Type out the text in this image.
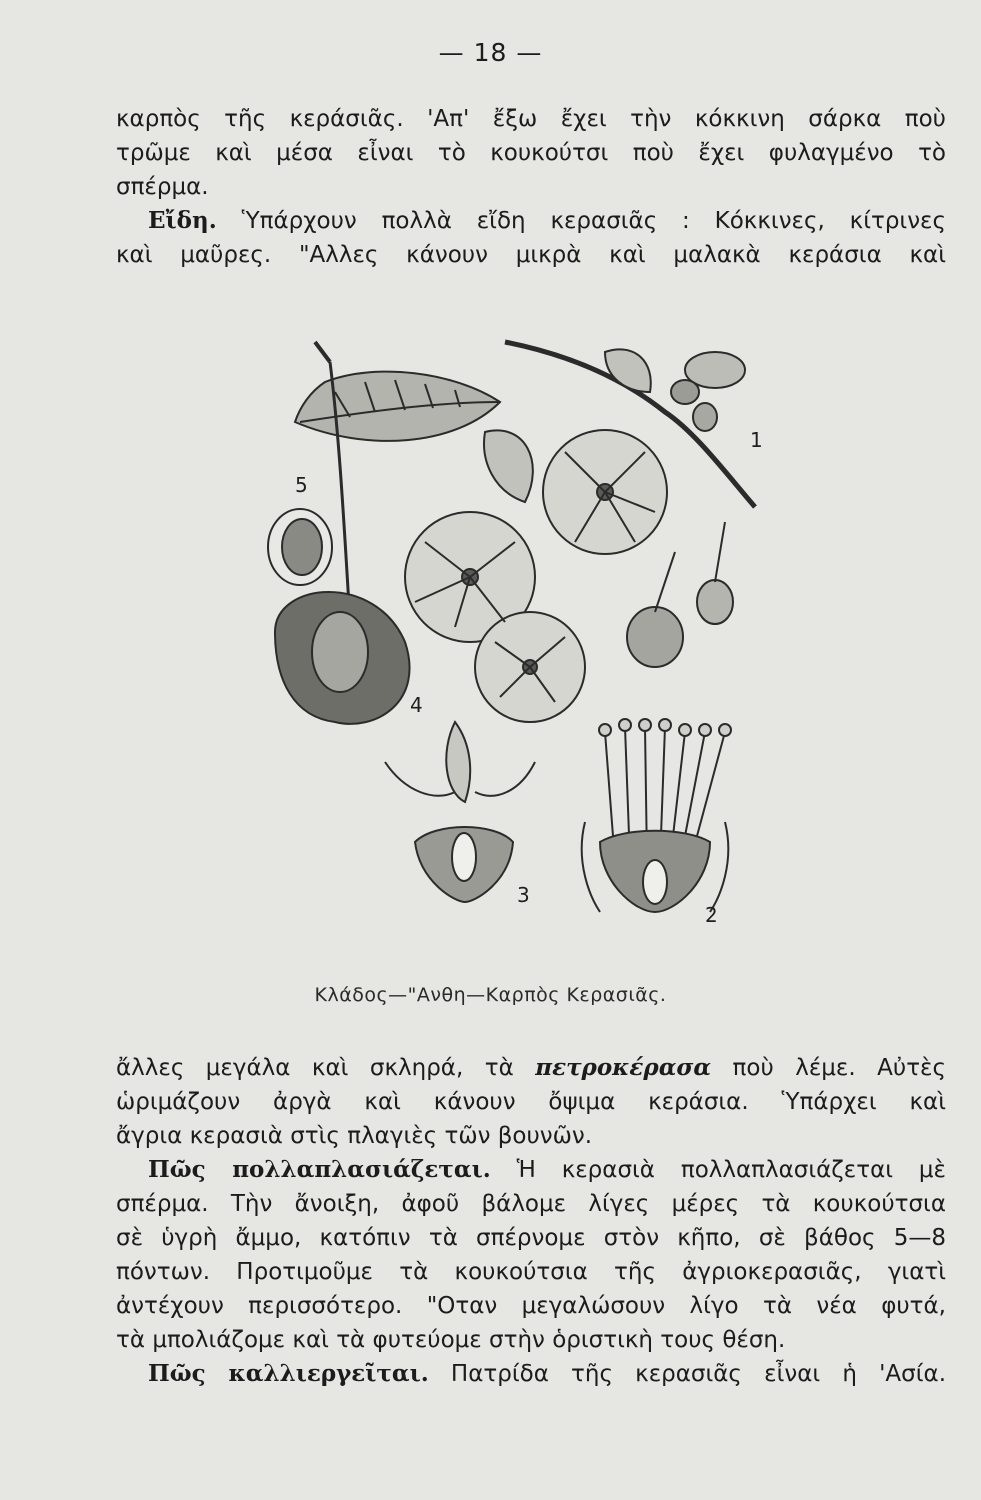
— 18 —
καρπὸς τῆς κεράσιᾶς. 'Απ' ἔξω ἔχει τὴν κόκκινη σάρκα ποὺ
τρῶμε καὶ μέσα εἶναι τὸ κουκούτσι ποὺ ἔχει φυλαγμένο τὸ
σπέρμα.
Εἴδη. Ὑπάρχουν πολλὰ εἴδη κερασιᾶς : Κόκκινες, κίτρινες
καὶ μαῦρες. "Αλλες κάνουν μικρὰ καὶ μαλακὰ κεράσια καὶ
1
2
3
4
5
Κλάδος—"Ανθη—Καρπὸς Κερασιᾶς.
ἄλλες μεγάλα καὶ σκληρά, τὰ πετροκέρασα ποὺ λέμε. Αὐτὲς
ὡριμάζουν ἀργὰ καὶ κάνουν ὄψιμα κεράσια. Ὑπάρχει καὶ
ἄγρια κερασιὰ στὶς πλαγιὲς τῶν βουνῶν.
Πῶς πολλαπλασιάζεται. Ἡ κερασιὰ πολλαπλασιάζεται μὲ
σπέρμα. Τὴν ἄνοιξη, ἀφοῦ βάλομε λίγες μέρες τὰ κουκούτσια
σὲ ὑγρὴ ἄμμο, κατόπιν τὰ σπέρνομε στὸν κῆπο, σὲ βάθος 5—8
πόντων. Προτιμοῦμε τὰ κουκούτσια τῆς ἀγριοκερασιᾶς, γιατὶ
ἀντέχουν περισσότερο. "Οταν μεγαλώσουν λίγο τὰ νέα φυτά,
τὰ μπολιάζομε καὶ τὰ φυτεύομε στὴν ὁριστικὴ τους θέση.
Πῶς καλλιεργεῖται. Πατρίδα τῆς κερασιᾶς εἶναι ἡ 'Ασία.
